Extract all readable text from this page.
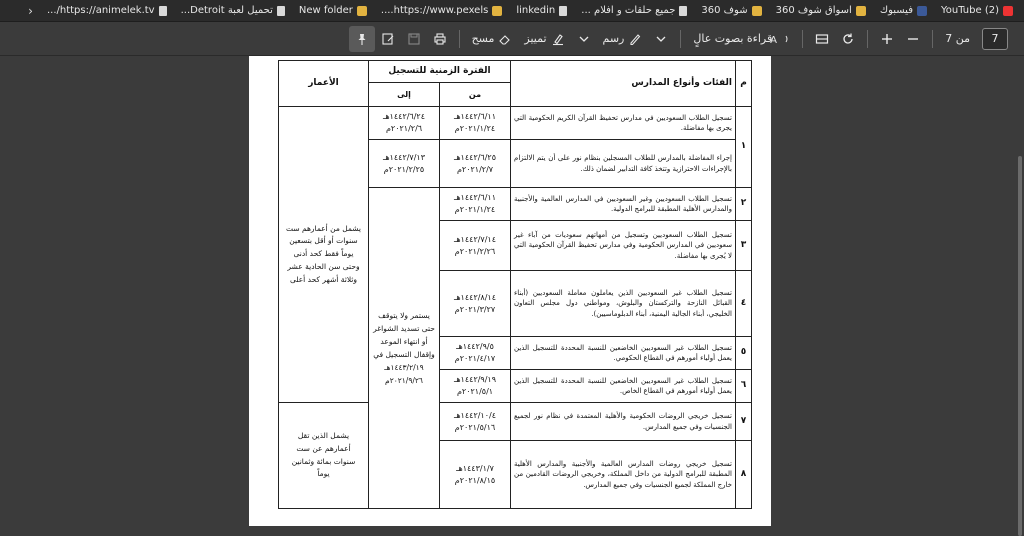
YouTube (2)
فيسبوك
اسواق شوف 360
شوف 360
جميع حلقات و افلام ...
linkedin
https://www.pexels....
New folder
تحميل لعبة Detroit...
https://animelek.tv/...
‹
7
من 7
A
قراءة بصوت عالٍ
رسم
تمييز
مسح
م	الفئات وأنواع المدارس	الفترة الزمنية للتسجيل		الأعمار
		من	إلى	
١	تسجيل الطلاب السعوديين في مدارس تحفيظ القرآن الكريم الحكومية التي يجرى بها مفاضلة.	١٤٤٢/٦/١١هـ ٢٠٢١/١/٢٤م	١٤٤٢/٦/٢٤هـ ٢٠٢١/٢/٦م	يشمل من أعمارهم ست سنوات أو أقل بتسعين يوماً فقط كحد أدنى وحتى سن الحادية عشر وثلاثة أشهر كحد أعلى
	إجراء المفاضلة بالمدارس للطلاب المسجلين بنظام نور على أن يتم الالتزام بالإجراءات الاحترازية وتتخذ كافة التدابير لضمان ذلك.	١٤٤٢/٦/٢٥هـ ٢٠٢١/٢/٧م	١٤٤٢/٧/١٣هـ ٢٠٢١/٢/٢٥م	
٢	تسجيل الطلاب السعوديين وغير السعوديين في المدارس العالمية والأجنبية والمدارس الأهلية المطبقة للبرامج الدولية.	١٤٤٢/٦/١١هـ ٢٠٢١/١/٢٤م	يستمر ولا يتوقف حتى تسديد الشواغر أو انتهاء الموعد وإقفال التسجيل في ١٤٤٣/٢/١٩هـ ٢٠٢١/٩/٢٦م	
٣	تسجيل الطلاب السعوديين وتسجيل من أمهاتهم سعوديات من آباء غير سعوديين في المدارس الحكومية وفي مدارس تحفيظ القرآن الحكومية التي لا يُجرى بها مفاضلة.	١٤٤٢/٧/١٤هـ ٢٠٢١/٢/٢٦م		
٤	تسجيل الطلاب غير السعوديين الذين يعاملون معاملة السعوديين (أبناء القبائل النازحة والتركستان والبلوش، ومواطني دول مجلس التعاون الخليجي، أبناء الجالية اليمنية، أبناء الدبلوماسيين).	١٤٤٢/٨/١٤هـ ٢٠٢١/٣/٢٧م		
٥	تسجيل الطلاب غير السعوديين الخاضعين للنسبة المحددة للتسجيل الذين يعمل أولياء أمورهم في القطاع الحكومي.	١٤٤٢/٩/٥هـ ٢٠٢١/٤/١٧م		
٦	تسجيل الطلاب غير السعوديين الخاضعين للنسبة المحددة للتسجيل الذين يعمل أولياء أمورهم في القطاع الخاص.	١٤٤٢/٩/١٩هـ ٢٠٢١/٥/١م		
٧	تسجيل خريجي الروضات الحكومية والأهلية المعتمدة في نظام نور لجميع الجنسيات وفي جميع المدارس.	١٤٤٢/١٠/٤هـ ٢٠٢١/٥/١٦م		يشمل الذين تقل أعمارهم عن ست سنوات بمائة وثمانين يوماً
٨	تسجيل خريجي روضات المدارس العالمية والأجنبية والمدارس الأهلية المطبقة للبرامج الدولية من داخل المملكة، وخريجي الروضات القادمين من خارج المملكة لجميع الجنسيات وفي جميع المدارس.	١٤٤٣/١/٧هـ ٢٠٢١/٨/١٥م		
